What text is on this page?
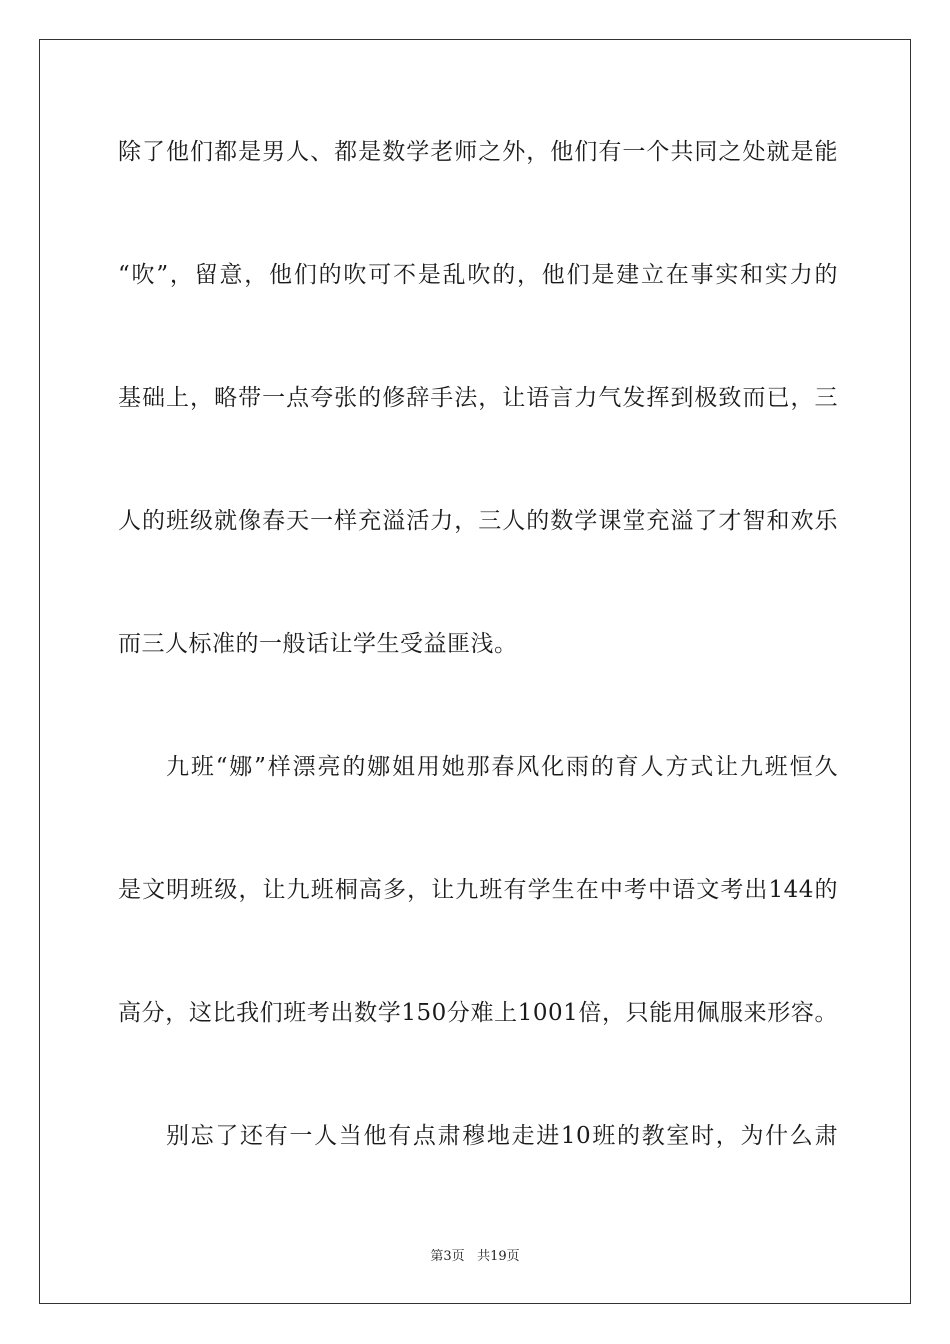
除了他们都是男人、都是数学老师之外，他们有一个共同之处就是能
“吹”，留意，他们的吹可不是乱吹的，他们是建立在事实和实力的
基础上，略带一点夸张的修辞手法，让语言力气发挥到极致而已，三
人的班级就像春天一样充溢活力，三人的数学课堂充溢了才智和欢乐
而三人标准的一般话让学生受益匪浅。
九班“娜”样漂亮的娜姐用她那春风化雨的育人方式让九班恒久
是文明班级，让九班桐高多，让九班有学生在中考中语文考出144的
高分，这比我们班考出数学150分难上1001倍，只能用佩服来形容。
别忘了还有一人当他有点肃穆地走进10班的教室时，为什么肃
第3页 共19页
